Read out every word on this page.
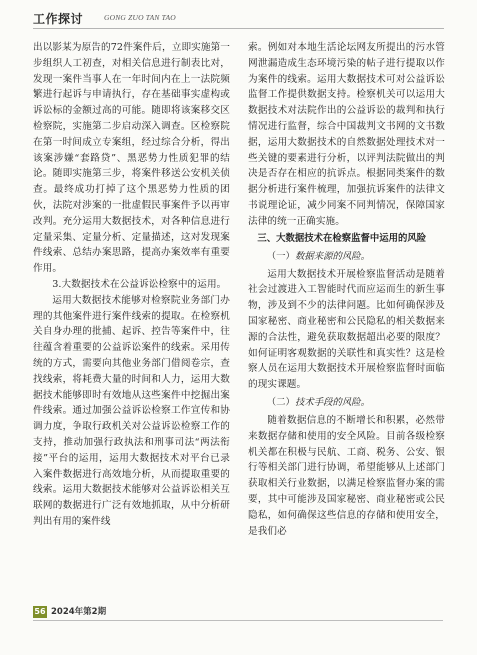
工作探讨	GONG ZUO TAN TAO

出以影某为原告的72件案件后，立即实施第一步组织人工初查，对相关信息进行制表比对，发现一案件当事人在一年时间内在上一法院频繁进行起诉与申请执行，存在基础事实虚构或诉讼标的金额过高的可能。随即将该案移交区检察院，实施第二步启动深入调查。区检察院在第一时间成立专案组，经过综合分析，得出该案涉嫌“套路贷”、黑恶势力性质犯罪的结论。随即实施第三步，将案件移送公安机关侦查。最终成功打掉了这个黑恶势力性质的团伙，法院对涉案的一批虚假民事案件予以再审改判。充分运用大数据技术，对各种信息进行定量采集、定量分析、定量描述，这对发现案件线索、总结办案思路，提高办案效率有重要作用。

3.大数据技术在公益诉讼检察中的运用。

运用大数据技术能够对检察院业务部门办理的其他案件进行案件线索的提取。在检察机关自身办理的批捕、起诉、控告等案件中，往往蕴含着重要的公益诉讼案件的线索。采用传统的方式，需要向其他业务部门借阅卷宗，查找线索，将耗费大量的时间和人力，运用大数据技术能够即时有效地从这些案件中挖掘出案件线索。通过加强公益诉讼检察工作宣传和协调力度，争取行政机关对公益诉讼检察工作的支持，推动加强行政执法和刑事司法“两法衔接”平台的运用，运用大数据技术对平台已录入案件数据进行高效地分析，从而提取重要的线索。运用大数据技术能够对公益诉讼相关互联网的数据进行广泛有效地抓取，从中分析研判出有用的案件线

索。例如对本地生活论坛网友所提出的污水管网泄漏造成生态环境污染的帖子进行提取以作为案件的线索。运用大数据技术可对公益诉讼监督工作提供数据支持。检察机关可以运用大数据技术对法院作出的公益诉讼的裁判和执行情况进行监督，综合中国裁判文书网的文书数据，运用大数据技术的自然数据处理技术对一些关键的要素进行分析，以评判法院做出的判决是否存在相应的抗诉点。根据同类案件的数据分析进行案件梳理，加强抗诉案件的法律文书说理论证，减少同案不同判情况，保障国家法律的统一正确实施。

三、大数据技术在检察监督中运用的风险
（一）数据来源的风险。

运用大数据技术开展检察监督活动是随着社会过渡进入工智能时代而应运而生的新生事物，涉及到不少的法律问题。比如何确保涉及国家秘密、商业秘密和公民隐私的相关数据来源的合法性，避免获取数据超出必要的限度？如何证明客观数据的关联性和真实性？这是检察人员在运用大数据技术开展检察监督时面临的现实课题。

（二）技术手段的风险。

随着数据信息的不断增长和积累，必然带来数据存储和使用的安全风险。目前各级检察机关都在积极与民航、工商、税务、公安、银行等相关部门进行协调，希望能够从上述部门获取相关行业数据，以满足检察监督办案的需要，其中可能涉及国家秘密、商业秘密或公民隐私，如何确保这些信息的存储和使用安全，是我们必

56 2024年第2期
